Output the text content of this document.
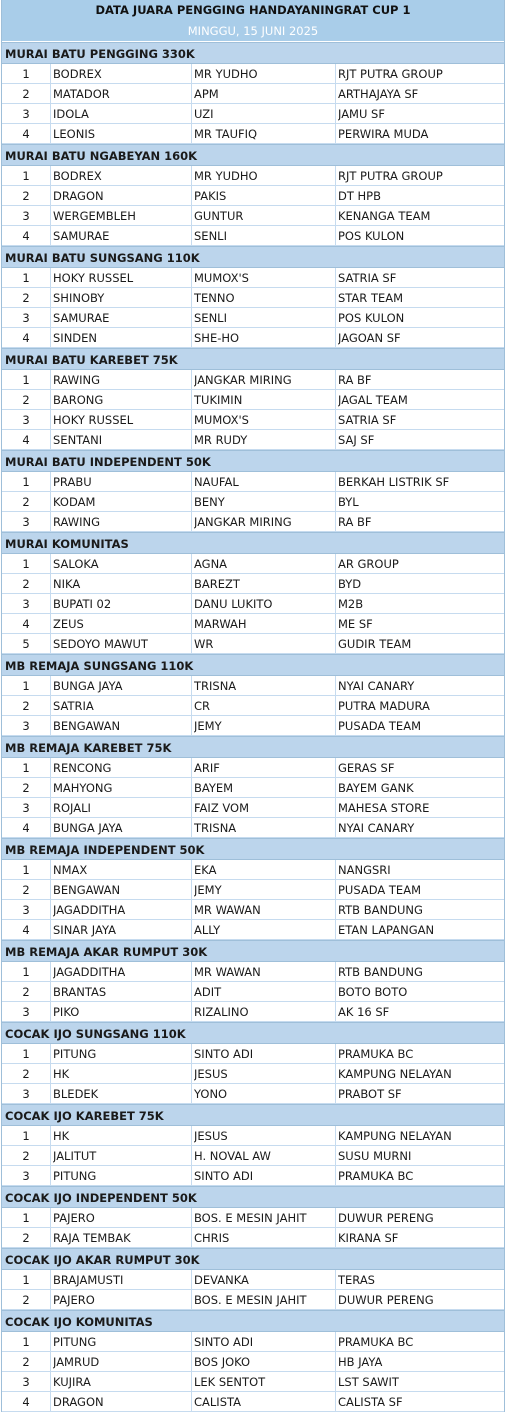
DATA JUARA PENGGING HANDAYANINGRAT CUP 1
MINGGU, 15 JUNI 2025
MURAI BATU PENGGING 330K
1	BODREX	MR YUDHO	RJT PUTRA GROUP
2	MATADOR	APM	ARTHAJAYA SF
3	IDOLA	UZI	JAMU SF
4	LEONIS	MR TAUFIQ	PERWIRA MUDA
MURAI BATU NGABEYAN 160K
1	BODREX	MR YUDHO	RJT PUTRA GROUP
2	DRAGON	PAKIS	DT HPB
3	WERGEMBLEH	GUNTUR	KENANGA TEAM
4	SAMURAE	SENLI	POS KULON
MURAI BATU SUNGSANG 110K
1	HOKY RUSSEL	MUMOX'S	SATRIA SF
2	SHINOBY	TENNO	STAR TEAM
3	SAMURAE	SENLI	POS KULON
4	SINDEN	SHE-HO	JAGOAN SF
MURAI BATU KAREBET 75K
1	RAWING	JANGKAR MIRING	RA BF
2	BARONG	TUKIMIN	JAGAL TEAM
3	HOKY RUSSEL	MUMOX'S	SATRIA SF
4	SENTANI	MR RUDY	SAJ SF
MURAI BATU INDEPENDENT 50K
1	PRABU	NAUFAL	BERKAH LISTRIK SF
2	KODAM	BENY	BYL
3	RAWING	JANGKAR MIRING	RA BF
MURAI KOMUNITAS
1	SALOKA	AGNA	AR GROUP
2	NIKA	BAREZT	BYD
3	BUPATI 02	DANU LUKITO	M2B
4	ZEUS	MARWAH	ME SF
5	SEDOYO MAWUT	WR	GUDIR TEAM
MB REMAJA SUNGSANG 110K
1	BUNGA JAYA	TRISNA	NYAI CANARY
2	SATRIA	CR	PUTRA MADURA
3	BENGAWAN	JEMY	PUSADA TEAM
MB REMAJA KAREBET 75K
1	RENCONG	ARIF	GERAS SF
2	MAHYONG	BAYEM	BAYEM GANK
3	ROJALI	FAIZ VOM	MAHESA STORE
4	BUNGA JAYA	TRISNA	NYAI CANARY
MB REMAJA INDEPENDENT 50K
1	NMAX	EKA	NANGSRI
2	BENGAWAN	JEMY	PUSADA TEAM
3	JAGADDITHA	MR WAWAN	RTB BANDUNG
4	SINAR JAYA	ALLY	ETAN LAPANGAN
MB REMAJA AKAR RUMPUT 30K
1	JAGADDITHA	MR WAWAN	RTB BANDUNG
2	BRANTAS	ADIT	BOTO BOTO
3	PIKO	RIZALINO	AK 16 SF
COCAK IJO SUNGSANG 110K
1	PITUNG	SINTO ADI	PRAMUKA BC
2	HK	JESUS	KAMPUNG NELAYAN
3	BLEDEK	YONO	PRABOT SF
COCAK IJO KAREBET 75K
1	HK	JESUS	KAMPUNG NELAYAN
2	JALITUT	H. NOVAL AW	SUSU MURNI
3	PITUNG	SINTO ADI	PRAMUKA BC
COCAK IJO INDEPENDENT 50K
1	PAJERO	BOS. E MESIN JAHIT	DUWUR PERENG
2	RAJA TEMBAK	CHRIS	KIRANA SF
COCAK IJO AKAR RUMPUT 30K
1	BRAJAMUSTI	DEVANKA	TERAS
2	PAJERO	BOS. E MESIN JAHIT	DUWUR PERENG
COCAK IJO KOMUNITAS
1	PITUNG	SINTO ADI	PRAMUKA BC
2	JAMRUD	BOS JOKO	HB JAYA
3	KUJIRA	LEK SENTOT	LST SAWIT
4	DRAGON	CALISTA	CALISTA SF
